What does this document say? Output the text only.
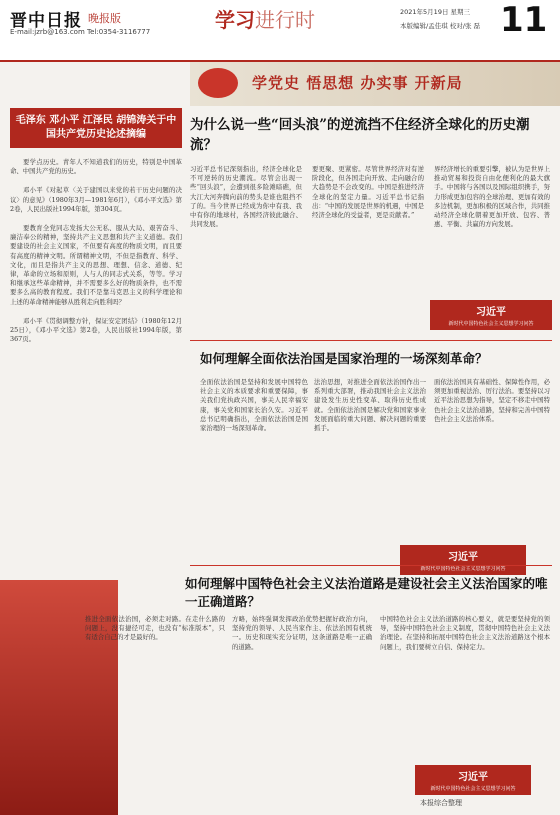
晋中日报 晚报版
E-mail:jzrb@163.com Tel:0354-3116777	学习进行时	2021年5月19日 星期三
本版编辑/孟佳琪 校对/张 磊 11
学党史 悟思想 办实事 开新局
毛泽东 邓小平 江泽民 胡锦涛关于中国共产党历史论述摘编
要学点历史。青年人不知道我们的历史，特别是中国革命、中国共产党的历史。
邓小平《对起草〈关于建国以来党的若干历史问题的决议〉的意见》（1980年3月—1981年6月），《邓小平文选》第2卷，人民出版社1994年版，第304页。
要教育全党同志发扬大公无私、服从大局、艰苦奋斗、廉洁奉公的精神，坚持共产主义思想和共产主义道德。我们要建设的社会主义国家，不但要有高度的物质文明，而且要有高度的精神文明。所谓精神文明，不但是指教育、科学、文化，而且是指共产主义的思想、理想、信念、道德、纪律，革命的立场和原则，人与人的同志式关系，等等。学习和继承这些革命精神，并不需要多么好的物质条件，也不需要多么高的教育程度。我们不是靠马克思主义的科学理论和上述的革命精神能够从胜利走向胜利吗？
邓小平《贯彻调整方针，保证安定团结》（1980年12月25日），《邓小平文选》第2卷，人民出版社1994年版，第367页。
为什么说一些“回头浪”的逆流挡不住经济全球化的历史潮流？
习近平总书记深刻指出，经济全球化是不可逆转的历史潮流。尽管会出现一些“回头浪”，会遭到很多险滩暗礁，但大江大河奔腾向前的势头是谁也阻挡不了的。当今世界已经成为你中有我、我中有你的地球村，各国经济彼此融合、共同发展。
要更聚、更紧密。尽管世界经济对有逆阶段化，但各国走向开放、走向融合的大趋势是不会改变的。中国是推进经济全球化的坚定力量。习近平总书记指出：“中国的发展是世界的机遇，中国是经济全球化的受益者，更是贡献者。”
界经济增长的重要引擎，被认为是世界上推动贸易和投资自由化便利化的最大旗手。中国将与各国以及国际组织携手，努力形成更加包容的全球治理、更加有效的多边机制，更加积极的区域合作，共同推动经济全球化朝着更加开放、包容、普惠、平衡、共赢的方向发展。
习近平
新时代中国特色社会主义思想学习问答
如何理解全面依法治国是国家治理的一场深刻革命？
全面依法治国是坚持和发展中国特色社会主义的本质要求和重要保障，事关我们党执政兴国，事关人民幸福安康，事关党和国家长治久安。习近平总书记明确指出，全面依法治国是国家治理的一场深刻革命。
法治思想，对推进全面依法治国作出一系列重大部署，推动我国社会主义法治建设发生历史性变革、取得历史性成就。全面依法治国是解决党和国家事业发展面临的重大问题、解决问题的重要抓手。
面依法治国具有基础性、保障性作用，必须更加重视法治、厉行法治。要坚持以习近平法治思想为指导，坚定不移走中国特色社会主义法治道路，坚持和完善中国特色社会主义法治体系。
习近平
新时代中国特色社会主义思想学习问答
如何理解中国特色社会主义法治道路是建设社会主义法治国家的唯一正确道路？
推进全面依法治国，必须走对路。在走什么路的问题上，没有捷径可走，也没有“标准版本”，只有适合自己的才是最好的。
方略，始终强调发挥政治优势把握好政治方向，坚持党的领导、人民当家作主、依法治国有机统一。历史和现实充分证明，这条道路是唯一正确的道路。
中国特色社会主义法治道路的核心要义，就是要坚持党的领导，坚持中国特色社会主义制度，贯彻中国特色社会主义法治理论。在坚持和拓展中国特色社会主义法治道路这个根本问题上，我们要树立自信、保持定力。
习近平
新时代中国特色社会主义思想学习问答
本报综合整理
